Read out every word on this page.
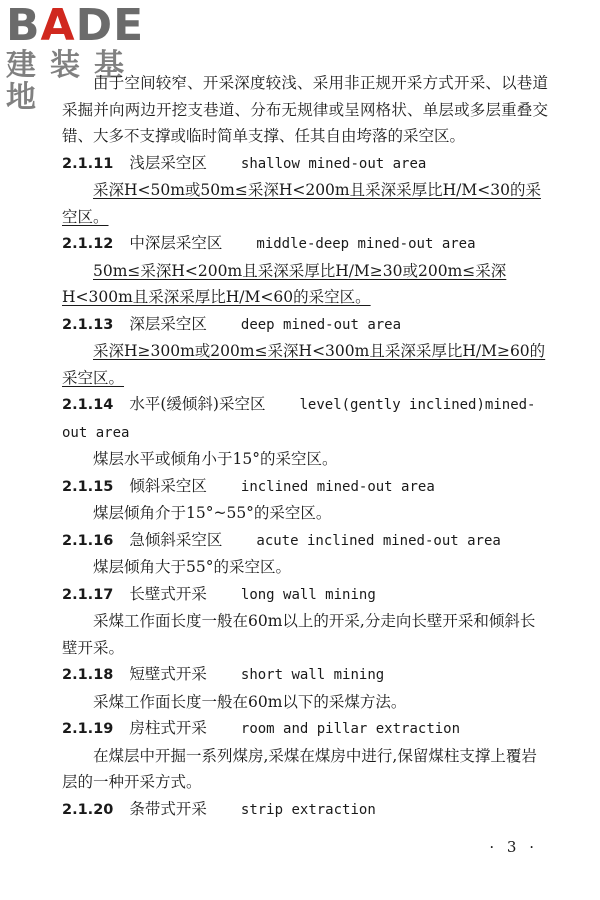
BADE
建装基地	由于空间较窄、开采深度较浅、采用非正规开采方式开采、以巷道采掘并向两边开挖支巷道、分布无规律或呈网格状、单层或多层重叠交错、大多不支撑或临时简单支撑、任其自由垮落的采空区。

2.1.11 浅层采空区 shallow mined-out area

采深H<50m或50m≤采深H<200m且采深采厚比H/M<30的采空区。

2.1.12 中深层采空区 middle-deep mined-out area

50m≤采深H<200m且采深采厚比H/M≥30或200m≤采深H<300m且采深采厚比H/M<60的采空区。

2.1.13 深层采空区 deep mined-out area

采深H≥300m或200m≤采深H<300m且采深采厚比H/M≥60的采空区。

2.1.14 水平(缓倾斜)采空区 level(gently inclined)mined-out area

煤层水平或倾角小于15°的采空区。

2.1.15 倾斜采空区 inclined mined-out area

煤层倾角介于15°~55°的采空区。

2.1.16 急倾斜采空区 acute inclined mined-out area

煤层倾角大于55°的采空区。

2.1.17 长壁式开采 long wall mining

采煤工作面长度一般在60m以上的开采,分走向长壁开采和倾斜长壁开采。

2.1.18 短壁式开采 short wall mining

采煤工作面长度一般在60m以下的采煤方法。

2.1.19 房柱式开采 room and pillar extraction

在煤层中开掘一系列煤房,采煤在煤房中进行,保留煤柱支撑上覆岩层的一种开采方式。

2.1.20 条带式开采 strip extraction

· 3 ·
